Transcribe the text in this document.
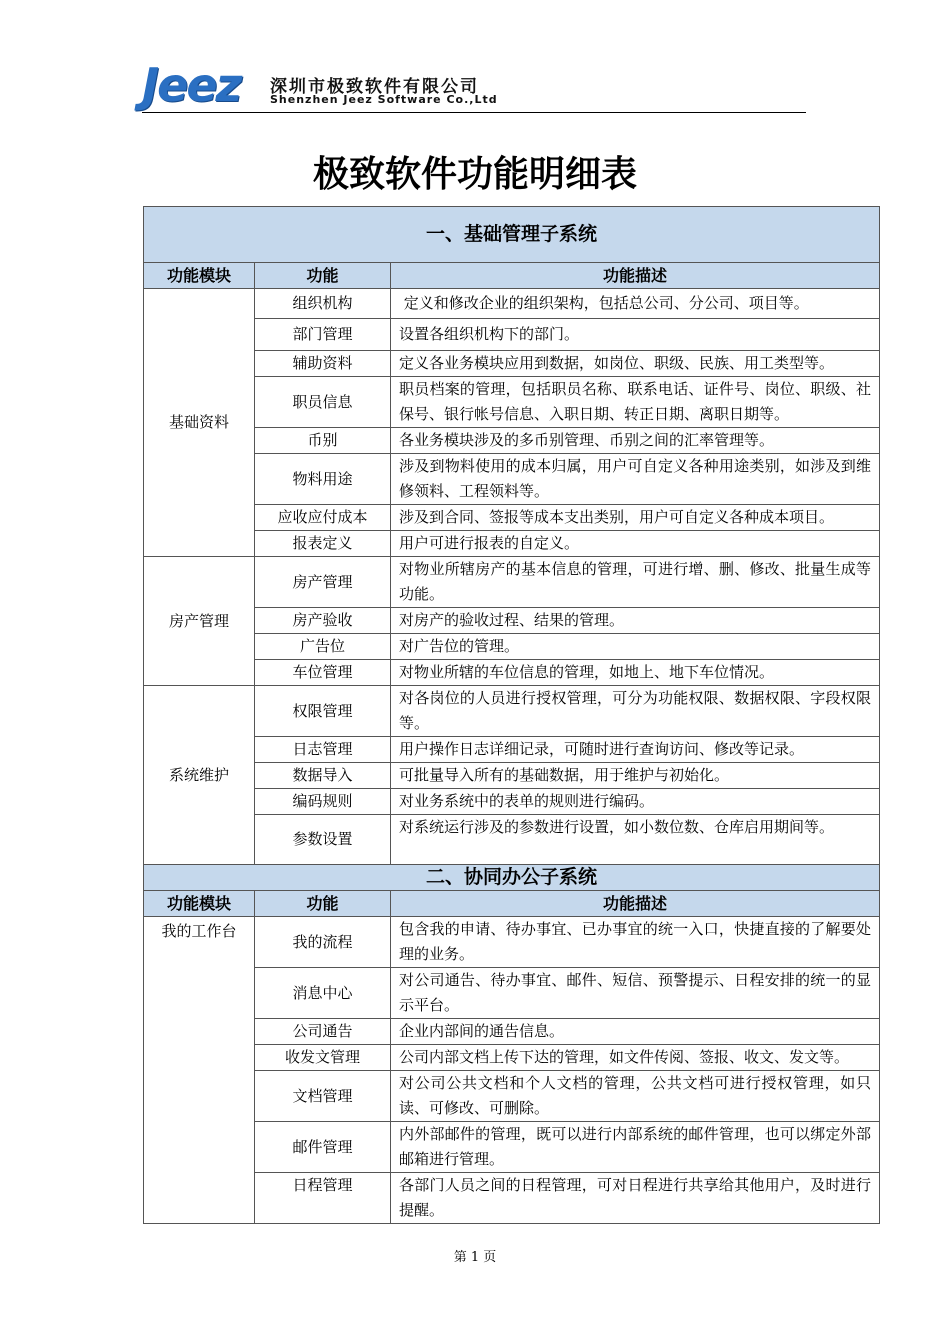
Jeez 深圳市极致软件有限公司
Shenzhen Jeez Software Co.,Ltd
极致软件功能明细表
一、基础管理子系统		
功能模块	功能	功能描述
基础资料	组织机构	定义和修改企业的组织架构，包括总公司、分公司、项目等。
	部门管理	设置各组织机构下的部门。
	辅助资料	定义各业务模块应用到数据，如岗位、职级、民族、用工类型等。
	职员信息	职员档案的管理，包括职员名称、联系电话、证件号、岗位、职级、社保号、银行帐号信息、入职日期、转正日期、离职日期等。
	币别	各业务模块涉及的多币别管理、币别之间的汇率管理等。
	物料用途	涉及到物料使用的成本归属，用户可自定义各种用途类别，如涉及到维修领料、工程领料等。
	应收应付成本	涉及到合同、签报等成本支出类别，用户可自定义各种成本项目。
	报表定义	用户可进行报表的自定义。
房产管理	房产管理	对物业所辖房产的基本信息的管理，可进行增、删、修改、批量生成等功能。
	房产验收	对房产的验收过程、结果的管理。
	广告位	对广告位的管理。
	车位管理	对物业所辖的车位信息的管理，如地上、地下车位情况。
系统维护	权限管理	对各岗位的人员进行授权管理，可分为功能权限、数据权限、字段权限等。
	日志管理	用户操作日志详细记录，可随时进行查询访问、修改等记录。
	数据导入	可批量导入所有的基础数据，用于维护与初始化。
	编码规则	对业务系统中的表单的规则进行编码。
	参数设置	对系统运行涉及的参数进行设置，如小数位数、仓库启用期间等。
二、协同办公子系统		
功能模块	功能	功能描述
我的工作台	我的流程	包含我的申请、待办事宜、已办事宜的统一入口，快捷直接的了解要处理的业务。
	消息中心	对公司通告、待办事宜、邮件、短信、预警提示、日程安排的统一的显示平台。
	公司通告	企业内部间的通告信息。
	收发文管理	公司内部文档上传下达的管理，如文件传阅、签报、收文、发文等。
	文档管理	对公司公共文档和个人文档的管理，公共文档可进行授权管理，如只读、可修改、可删除。
	邮件管理	内外部邮件的管理，既可以进行内部系统的邮件管理，也可以绑定外部邮箱进行管理。
	日程管理	各部门人员之间的日程管理，可对日程进行共享给其他用户，及时进行提醒。
第 1 页
